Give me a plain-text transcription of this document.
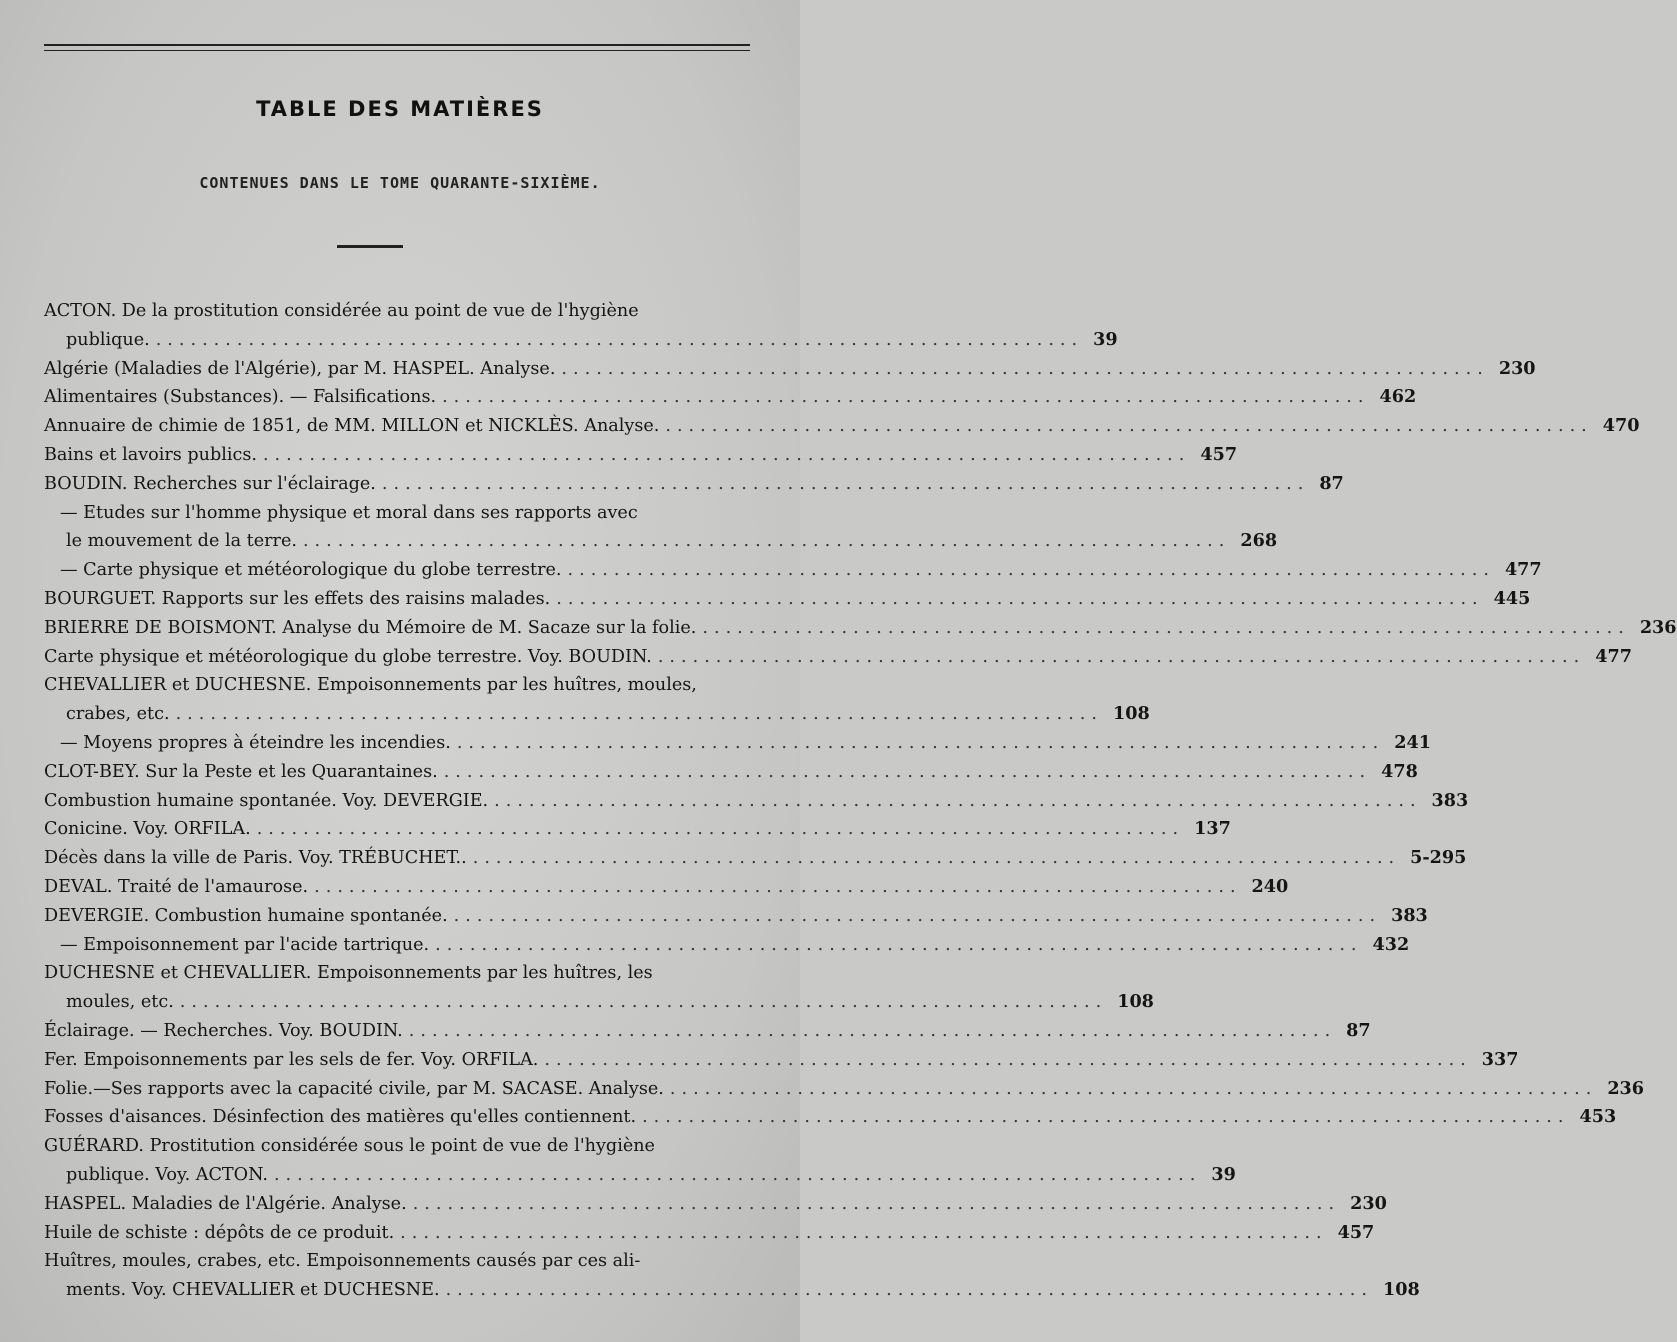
TABLE DES MATIÈRES
CONTENUES DANS LE TOME QUARANTE-SIXIÈME.
ACTON. De la prostitution considérée au point de vue de l'hygiène
publique. ................................................................................ 39
Algérie (Maladies de l'Algérie), par M. HASPEL. Analyse. ................................................................................ 230
Alimentaires (Substances). — Falsifications. ................................................................................ 462
Annuaire de chimie de 1851, de MM. MILLON et NICKLÈS. Analyse. ................................................................................ 470
Bains et lavoirs publics. ................................................................................ 457
BOUDIN. Recherches sur l'éclairage. ................................................................................ 87
— Etudes sur l'homme physique et moral dans ses rapports avec
le mouvement de la terre. ................................................................................ 268
— Carte physique et météorologique du globe terrestre. ................................................................................ 477
BOURGUET. Rapports sur les effets des raisins malades. ................................................................................ 445
BRIERRE DE BOISMONT. Analyse du Mémoire de M. Sacaze sur la folie. ................................................................................ 236
Carte physique et météorologique du globe terrestre. Voy. BOUDIN. ................................................................................ 477
CHEVALLIER et DUCHESNE. Empoisonnements par les huîtres, moules,
crabes, etc. ................................................................................ 108
— Moyens propres à éteindre les incendies. ................................................................................ 241
CLOT-BEY. Sur la Peste et les Quarantaines. ................................................................................ 478
Combustion humaine spontanée. Voy. DEVERGIE. ................................................................................ 383
Conicine. Voy. ORFILA. ................................................................................ 137
Décès dans la ville de Paris. Voy. TRÉBUCHET.. ................................................................................ 5-295
DEVAL. Traité de l'amaurose. ................................................................................ 240
DEVERGIE. Combustion humaine spontanée. ................................................................................ 383
— Empoisonnement par l'acide tartrique. ................................................................................ 432
DUCHESNE et CHEVALLIER. Empoisonnements par les huîtres, les
moules, etc. ................................................................................ 108
Éclairage. — Recherches. Voy. BOUDIN. ................................................................................ 87
Fer. Empoisonnements par les sels de fer. Voy. ORFILA. ................................................................................ 337
Folie.—Ses rapports avec la capacité civile, par M. SACASE. Analyse. ................................................................................ 236
Fosses d'aisances. Désinfection des matières qu'elles contiennent. ................................................................................ 453
GUÉRARD. Prostitution considérée sous le point de vue de l'hygiène
publique. Voy. ACTON. ................................................................................ 39
HASPEL. Maladies de l'Algérie. Analyse. ................................................................................ 230
Huile de schiste : dépôts de ce produit. ................................................................................ 457
Huîtres, moules, crabes, etc. Empoisonnements causés par ces ali-
ments. Voy. CHEVALLIER et DUCHESNE. ................................................................................ 108
